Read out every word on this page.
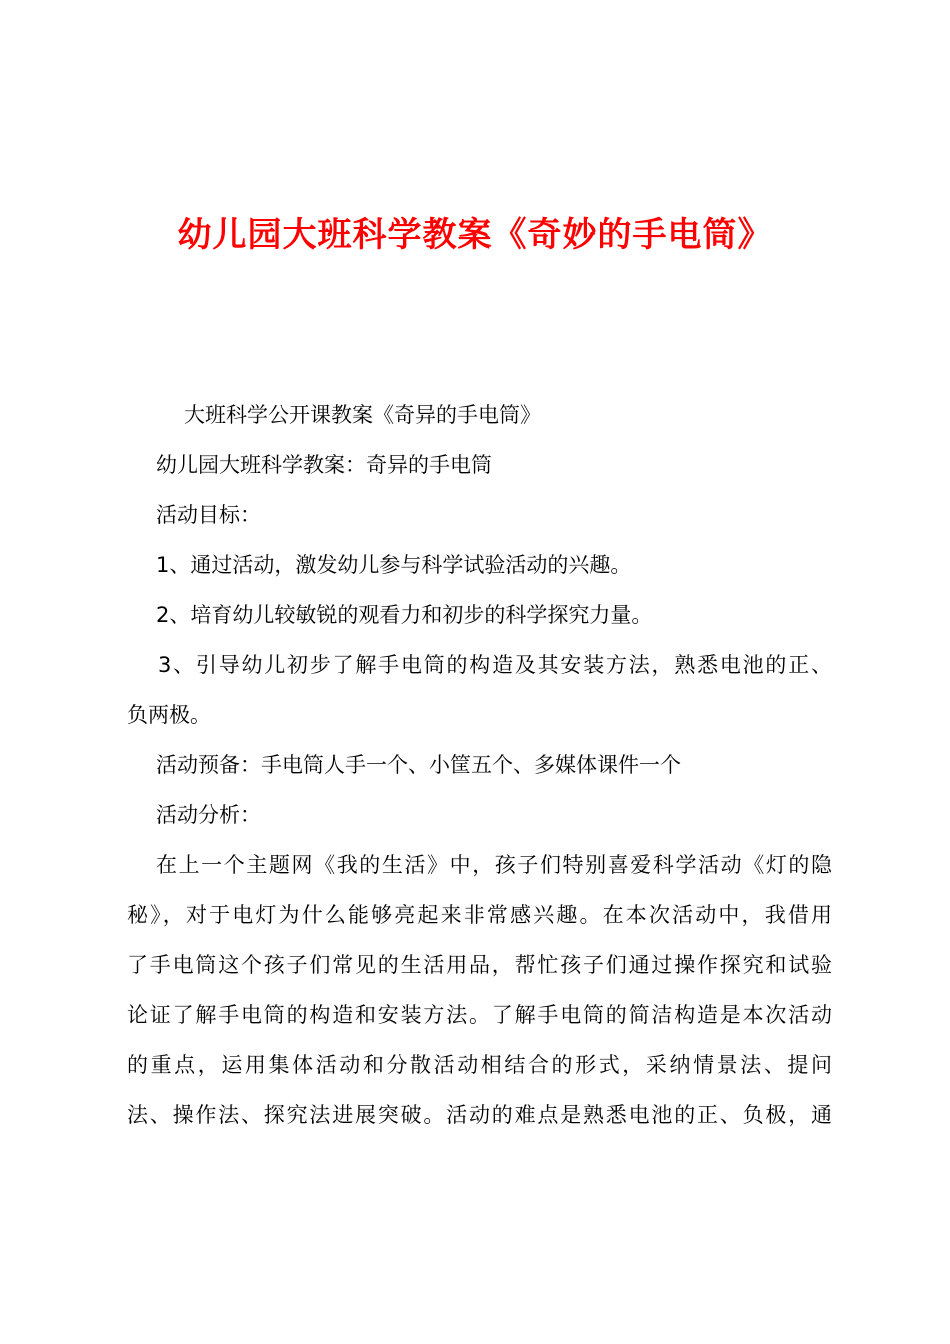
幼儿园大班科学教案《奇妙的手电筒》

大班科学公开课教案《奇异的手电筒》

幼儿园大班科学教案：奇异的手电筒

活动目标：

1、通过活动，激发幼儿参与科学试验活动的兴趣。

2、培育幼儿较敏锐的观看力和初步的科学探究力量。

3、引导幼儿初步了解手电筒的构造及其安装方法，熟悉电池的正、

负两极。

活动预备：手电筒人手一个、小筐五个、多媒体课件一个

活动分析：

在上一个主题网《我的生活》中，孩子们特别喜爱科学活动《灯的隐

秘》，对于电灯为什么能够亮起来非常感兴趣。在本次活动中，我借用

了手电筒这个孩子们常见的生活用品，帮忙孩子们通过操作探究和试验

论证了解手电筒的构造和安装方法。了解手电筒的简洁构造是本次活动

的重点，运用集体活动和分散活动相结合的形式，采纳情景法、提问

法、操作法、探究法进展突破。活动的难点是熟悉电池的正、负极，通
